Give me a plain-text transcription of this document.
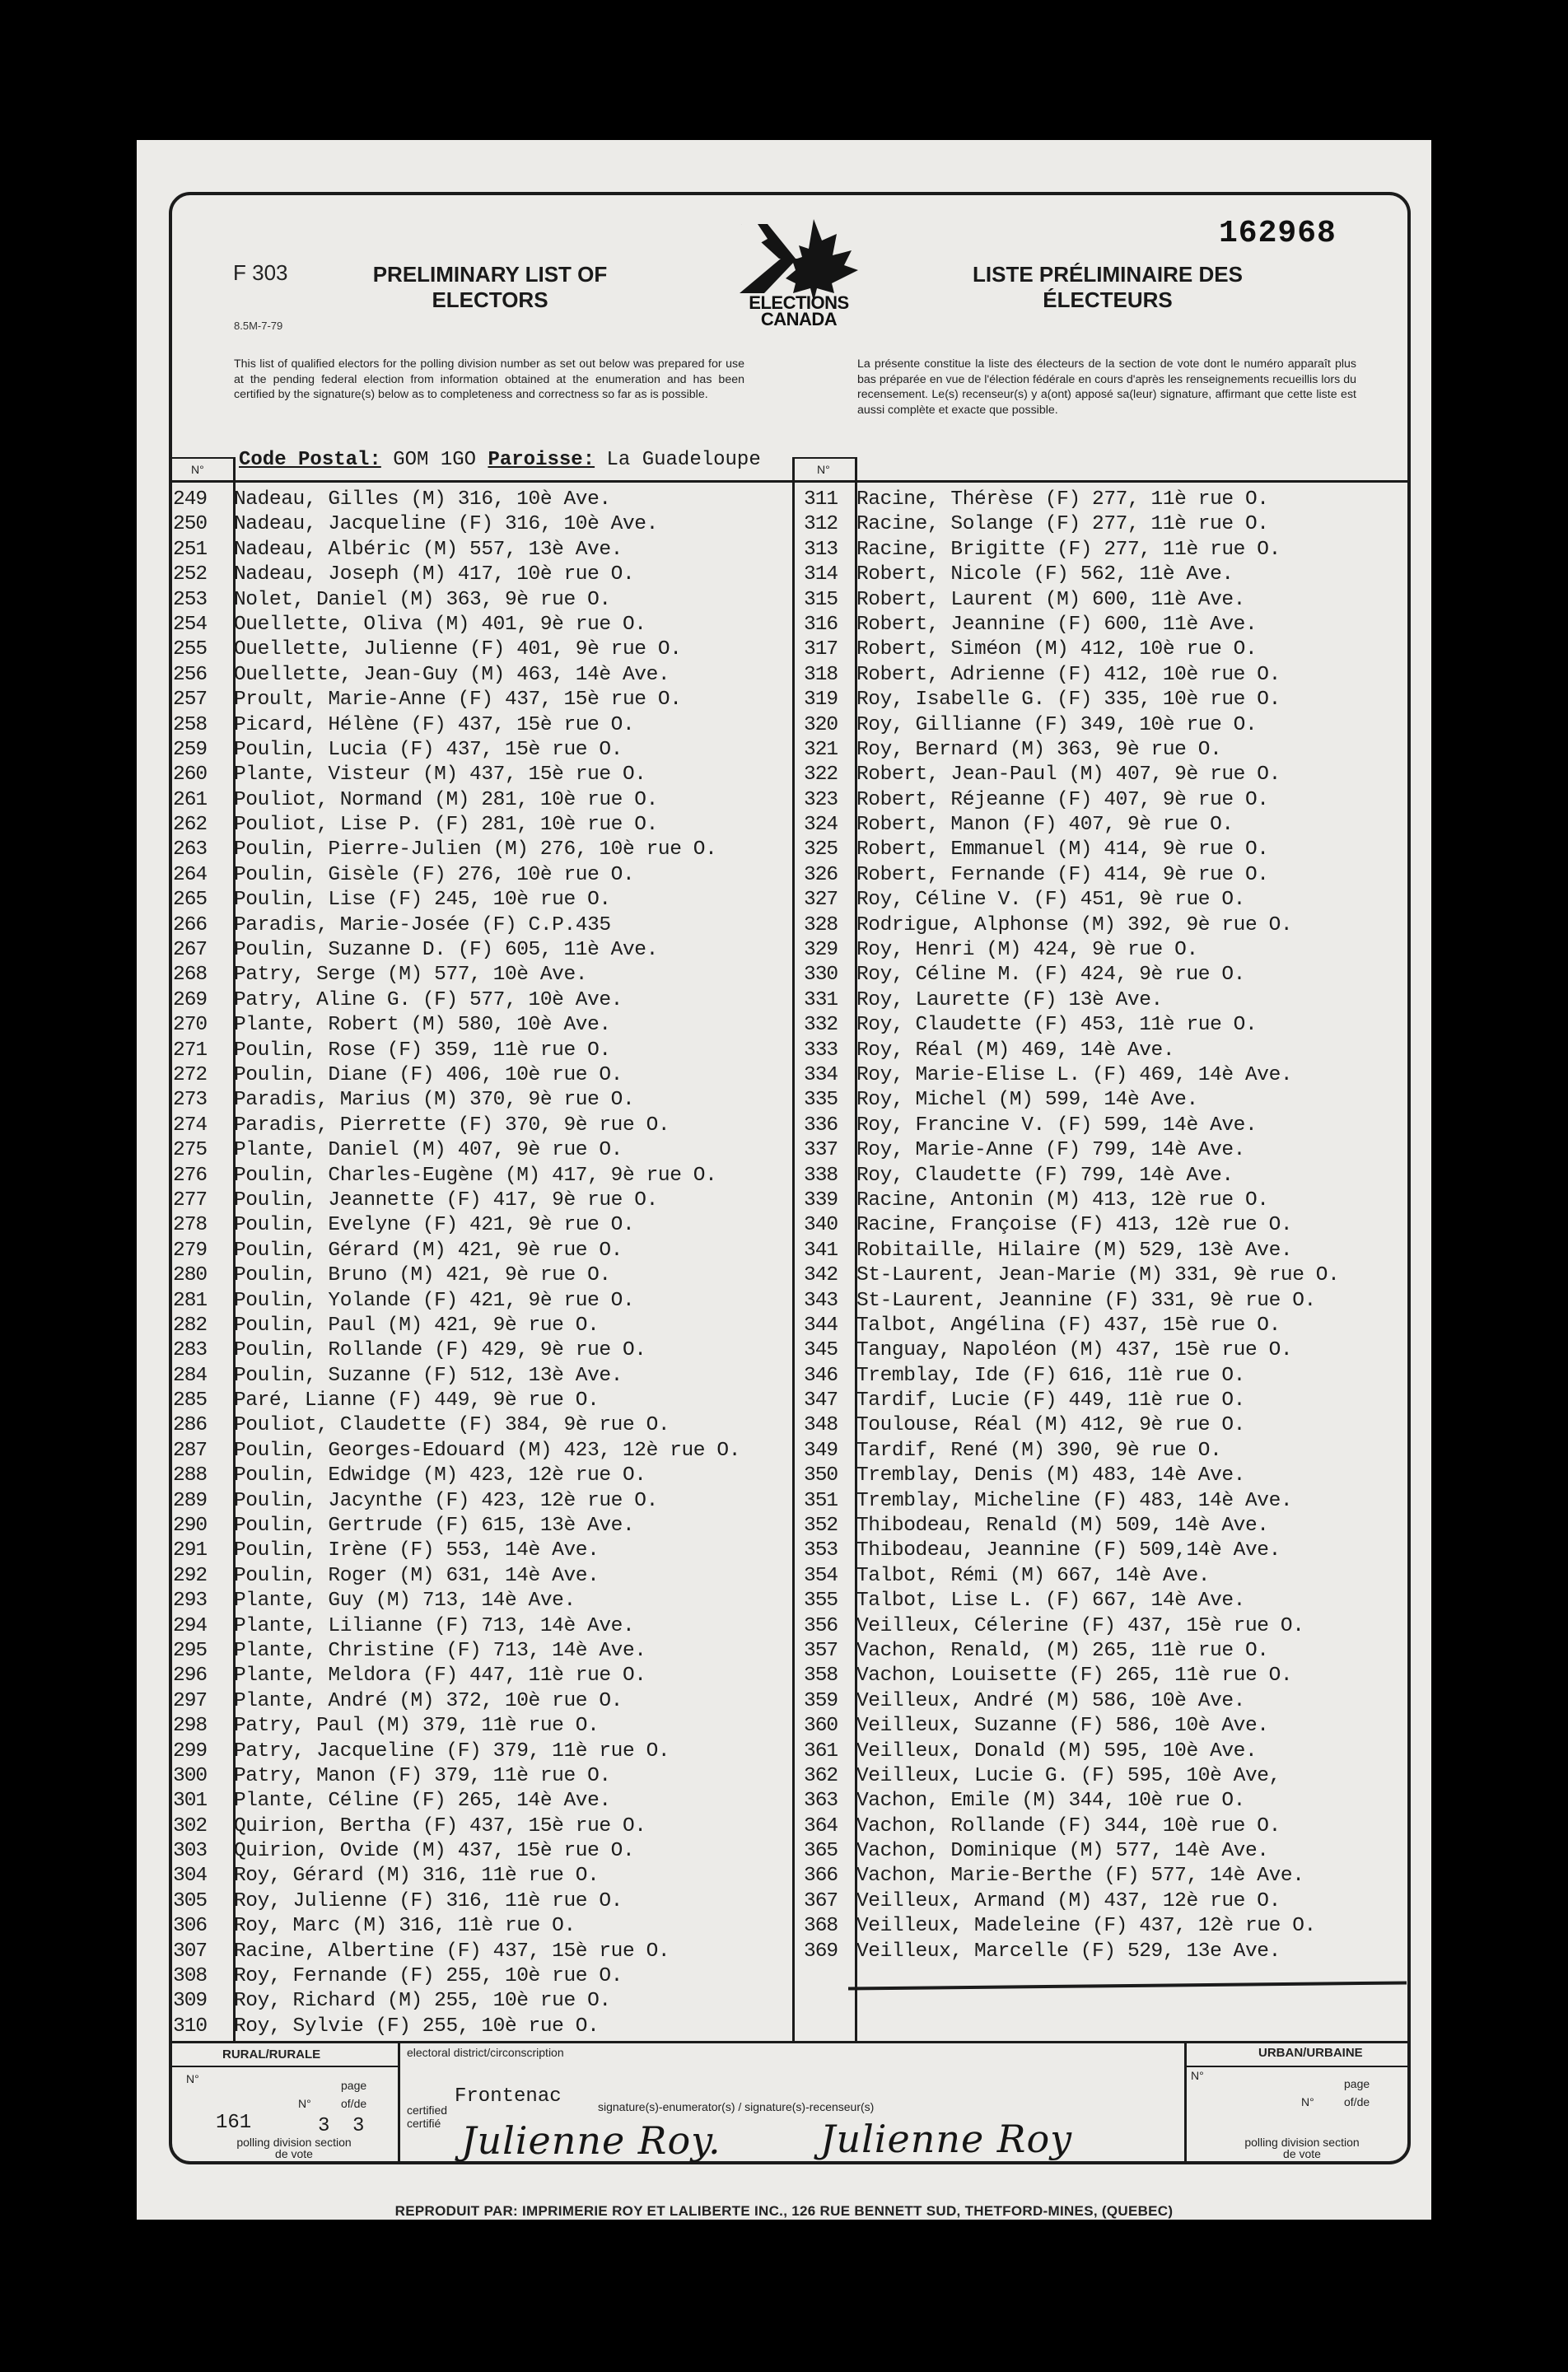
F 303
8.5M-7-79
PRELIMINARY LIST OF ELECTORS
LISTE PRÉLIMINAIRE DES ÉLECTEURS
ELECTIONS CANADA
162968
This list of qualified electors for the polling division number as set out below was prepared for use at the pending federal election from information obtained at the enumeration and has been certified by the signature(s) below as to completeness and correctness so far as is possible.
La présente constitue la liste des électeurs de la section de vote dont le numéro apparaît plus bas préparée en vue de l'élection fédérale en cours d'après les renseignements recueillis lors du recensement. Le(s) recenseur(s) y a(ont) apposé sa(leur) signature, affirmant que cette liste est aussi complète et exacte que possible.
Code Postal: GOM 1GO Paroisse: La Guadeloupe
N°	N°
249	Nadeau, Gilles (M) 316, 10è Ave.
250	Nadeau, Jacqueline (F) 316, 10è Ave.
251	Nadeau, Albéric (M) 557, 13è Ave.
252	Nadeau, Joseph (M) 417, 10è rue O.
253	Nolet, Daniel (M) 363, 9è rue O.
254	Ouellette, Oliva (M) 401, 9è rue O.
255	Ouellette, Julienne (F) 401, 9è rue O.
256	Ouellette, Jean-Guy (M) 463, 14è Ave.
257	Proult, Marie-Anne (F) 437, 15è rue O.
258	Picard, Hélène (F) 437, 15è rue O.
259	Poulin, Lucia (F) 437, 15è rue O.
260	Plante, Visteur (M) 437, 15è rue O.
261	Pouliot, Normand (M) 281, 10è rue O.
262	Pouliot, Lise P. (F) 281, 10è rue O.
263	Poulin, Pierre-Julien (M) 276, 10è rue O.
264	Poulin, Gisèle (F) 276, 10è rue O.
265	Poulin, Lise (F) 245, 10è rue O.
266	Paradis, Marie-Josée (F) C.P.435
267	Poulin, Suzanne D. (F) 605, 11è Ave.
268	Patry, Serge (M) 577, 10è Ave.
269	Patry, Aline G. (F) 577, 10è Ave.
270	Plante, Robert (M) 580, 10è Ave.
271	Poulin, Rose (F) 359, 11è rue O.
272	Poulin, Diane (F) 406, 10è rue O.
273	Paradis, Marius (M) 370, 9è rue O.
274	Paradis, Pierrette (F) 370, 9è rue O.
275	Plante, Daniel (M) 407, 9è rue O.
276	Poulin, Charles-Eugène (M) 417, 9è rue O.
277	Poulin, Jeannette (F) 417, 9è rue O.
278	Poulin, Evelyne (F) 421, 9è rue O.
279	Poulin, Gérard (M) 421, 9è rue O.
280	Poulin, Bruno (M) 421, 9è rue O.
281	Poulin, Yolande (F) 421, 9è rue O.
282	Poulin, Paul (M) 421, 9è rue O.
283	Poulin, Rollande (F) 429, 9è rue O.
284	Poulin, Suzanne (F) 512, 13è Ave.
285	Paré, Lianne (F) 449, 9è rue O.
286	Pouliot, Claudette (F) 384, 9è rue O.
287	Poulin, Georges-Edouard (M) 423, 12è rue O.
288	Poulin, Edwidge (M) 423, 12è rue O.
289	Poulin, Jacynthe (F) 423, 12è rue O.
290	Poulin, Gertrude (F) 615, 13è Ave.
291	Poulin, Irène (F) 553, 14è Ave.
292	Poulin, Roger (M) 631, 14è Ave.
293	Plante, Guy (M) 713, 14è Ave.
294	Plante, Lilianne (F) 713, 14è Ave.
295	Plante, Christine (F) 713, 14è Ave.
296	Plante, Meldora (F) 447, 11è rue O.
297	Plante, André (M) 372, 10è rue O.
298	Patry, Paul (M) 379, 11è rue O.
299	Patry, Jacqueline (F) 379, 11è rue O.
300	Patry, Manon (F) 379, 11è rue O.
301	Plante, Céline (F) 265, 14è Ave.
302	Quirion, Bertha (F) 437, 15è rue O.
303	Quirion, Ovide (M) 437, 15è rue O.
304	Roy, Gérard (M) 316, 11è rue O.
305	Roy, Julienne (F) 316, 11è rue O.
306	Roy, Marc (M) 316, 11è rue O.
307	Racine, Albertine (F) 437, 15è rue O.
308	Roy, Fernande (F) 255, 10è rue O.
309	Roy, Richard (M) 255, 10è rue O.
310	Roy, Sylvie (F) 255, 10è rue O.
311 Racine, Thérèse (F) 277, 11è rue O.
312 Racine, Solange (F) 277, 11è rue O.
313 Racine, Brigitte (F) 277, 11è rue O.
314 Robert, Nicole (F) 562, 11è Ave.
315 Robert, Laurent (M) 600, 11è Ave.
316 Robert, Jeannine (F) 600, 11è Ave.
317 Robert, Siméon (M) 412, 10è rue O.
318 Robert, Adrienne (F) 412, 10è rue O.
319 Roy, Isabelle G. (F) 335, 10è rue O.
320 Roy, Gillianne (F) 349, 10è rue O.
321 Roy, Bernard (M) 363, 9è rue O.
322 Robert, Jean-Paul (M) 407, 9è rue O.
323 Robert, Réjeanne (F) 407, 9è rue O.
324 Robert, Manon (F) 407, 9è rue O.
325 Robert, Emmanuel (M) 414, 9è rue O.
326 Robert, Fernande (F) 414, 9è rue O.
327 Roy, Céline V. (F) 451, 9è rue O.
328 Rodrigue, Alphonse (M) 392, 9è rue O.
329 Roy, Henri (M) 424, 9è rue O.
330 Roy, Céline M. (F) 424, 9è rue O.
331 Roy, Laurette (F) 13è Ave.
332 Roy, Claudette (F) 453, 11è rue O.
333 Roy, Réal (M) 469, 14è Ave.
334 Roy, Marie-Elise L. (F) 469, 14è Ave.
335 Roy, Michel (M) 599, 14è Ave.
336 Roy, Francine V. (F) 599, 14è Ave.
337 Roy, Marie-Anne (F) 799, 14è Ave.
338 Roy, Claudette (F) 799, 14è Ave.
339 Racine, Antonin (M) 413, 12è rue O.
340 Racine, Françoise (F) 413, 12è rue O.
341 Robitaille, Hilaire (M) 529, 13è Ave.
342 St-Laurent, Jean-Marie (M) 331, 9è rue O.
343 St-Laurent, Jeannine (F) 331, 9è rue O.
344 Talbot, Angélina (F) 437, 15è rue O.
345 Tanguay, Napoléon (M) 437, 15è rue O.
346 Tremblay, Ide (F) 616, 11è rue O.
347 Tardif, Lucie (F) 449, 11è rue O.
348 Toulouse, Réal (M) 412, 9è rue O.
349 Tardif, René (M) 390, 9è rue O.
350 Tremblay, Denis (M) 483, 14è Ave.
351 Tremblay, Micheline (F) 483, 14è Ave.
352 Thibodeau, Renald (M) 509, 14è Ave.
353 Thibodeau, Jeannine (F) 509,14è Ave.
354 Talbot, Rémi (M) 667, 14è Ave.
355 Talbot, Lise L. (F) 667, 14è Ave.
356 Veilleux, Célerine (F) 437, 15è rue O.
357 Vachon, Renald, (M) 265, 11è rue O.
358 Vachon, Louisette (F) 265, 11è rue O.
359 Veilleux, André (M) 586, 10è Ave.
360 Veilleux, Suzanne (F) 586, 10è Ave.
361 Veilleux, Donald (M) 595, 10è Ave.
362 Veilleux, Lucie G. (F) 595, 10è Ave,
363 Vachon, Emile (M) 344, 10è rue O.
364 Vachon, Rollande (F) 344, 10è rue O.
365 Vachon, Dominique (M) 577, 14è Ave.
366 Vachon, Marie-Berthe (F) 577, 14è Ave.
367 Veilleux, Armand (M) 437, 12è rue O.
368 Veilleux, Madeleine (F) 437, 12è rue O.
369 Veilleux, Marcelle (F) 529, 13e Ave.
RURAL/RURALE	URBAN/URBAINE
N°	page
N°	of/de
161	3 3
polling division section de vote
electoral district/circonscription
Frontenac
certified certifié
signature(s)-enumerator(s) / signature(s)-recenseur(s)
Julienne Roy.	Julienne Roy
N°
page
N°	of/de
polling division section de vote
REPRODUIT PAR: IMPRIMERIE ROY ET LALIBERTE INC., 126 RUE BENNETT SUD, THETFORD-MINES, (QUEBEC)
